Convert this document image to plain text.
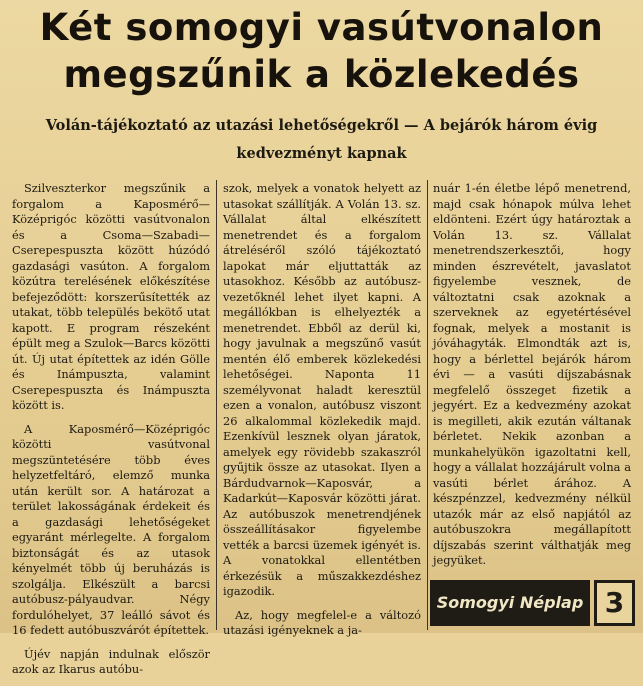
Két somogyi vasútvonalon
megszűnik a közlekedés
Volán-tájékoztató az utazási lehetőségekről — A bejárók három évig kedvezményt kapnak

Szilveszterkor megszűnik a forgalom a Kaposmérő—Középrigóc közötti vasútvonalon és a Csoma—Szabadi—Cserepespuszta között húzódó gazdasági vasúton. A forgalom közútra terelésének előkészítése befejeződött: korszerűsítették az utakat, több település bekötő utat kapott. E program részeként épült meg a Szulok—Barcs közötti út. Új utat építettek az idén Gölle és Inámpuszta, valamint Cserepespuszta és Inámpuszta között is.

A Kaposmérő—Középrigóc közötti vasútvonal megszüntetésére több éves helyzetfeltáró, elemző munka után került sor. A határozat a terület lakosságának érdekeit és a gazdasági lehetőségeket egyaránt mérlegelte. A forgalom biztonságát és az utasok kényelmét több új beruházás is szolgálja. Elkészült a barcsi autóbusz-pályaudvar. Négy fordulóhelyet, 37 leálló sávot és 16 fedett autóbuszvárót építettek.

Újév napján indulnak először azok az Ikarus autóbu-

szok, melyek a vonatok helyett az utasokat szállítják. A Volán 13. sz. Vállalat által elkészített menetrendet és a forgalom átreléséről szóló tájékoztató lapokat már eljuttatták az utasokhoz. Később az autóbusz-vezetőknél lehet ilyet kapni. A megállókban is elhelyezték a menetrendet. Ebből az derül ki, hogy javulnak a megszűnő vasút mentén élő emberek közlekedési lehetőségei. Naponta 11 személyvonat haladt keresztül ezen a vonalon, autóbusz viszont 26 alkalommal közlekedik majd. Ezenkívül lesznek olyan járatok, amelyek egy rövidebb szakaszról gyűjtik össze az utasokat. Ilyen a Bárdudvarnok—Kaposvár, a Kadarkút—Kaposvár közötti járat. Az autóbuszok menetrendjének összeállításakor figyelembe vették a barcsi üzemek igényét is. A vonatokkal ellentétben érkezésük a műszakkezdéshez igazodik.

Az, hogy megfelel-e a változó utazási igényeknek a ja-

nuár 1-én életbe lépő menetrend, majd csak hónapok múlva lehet eldönteni. Ezért úgy határoztak a Volán 13. sz. Vállalat menetrendszerkesztői, hogy minden észrevételt, javaslatot figyelembe vesznek, de változtatni csak azoknak a szerveknek az egyetértésével fognak, melyek a mostanit is jóváhagyták. Elmondták azt is, hogy a bérlettel bejárók három évi — a vasúti díjszabásnak megfelelő összeget fizetik a jegyért. Ez a kedvezmény azokat is megilleti, akik ezután váltanak bérletet. Nekik azonban a munkahelyükön igazoltatni kell, hogy a vállalat hozzájárult volna a vasúti bérlet árához. A készpénzzel, kedvezmény nélkül utazók már az első napjától az autóbuszokra megállapított díjszabás szerint válthatják meg jegyüket.

Somogyi Néplap 3
